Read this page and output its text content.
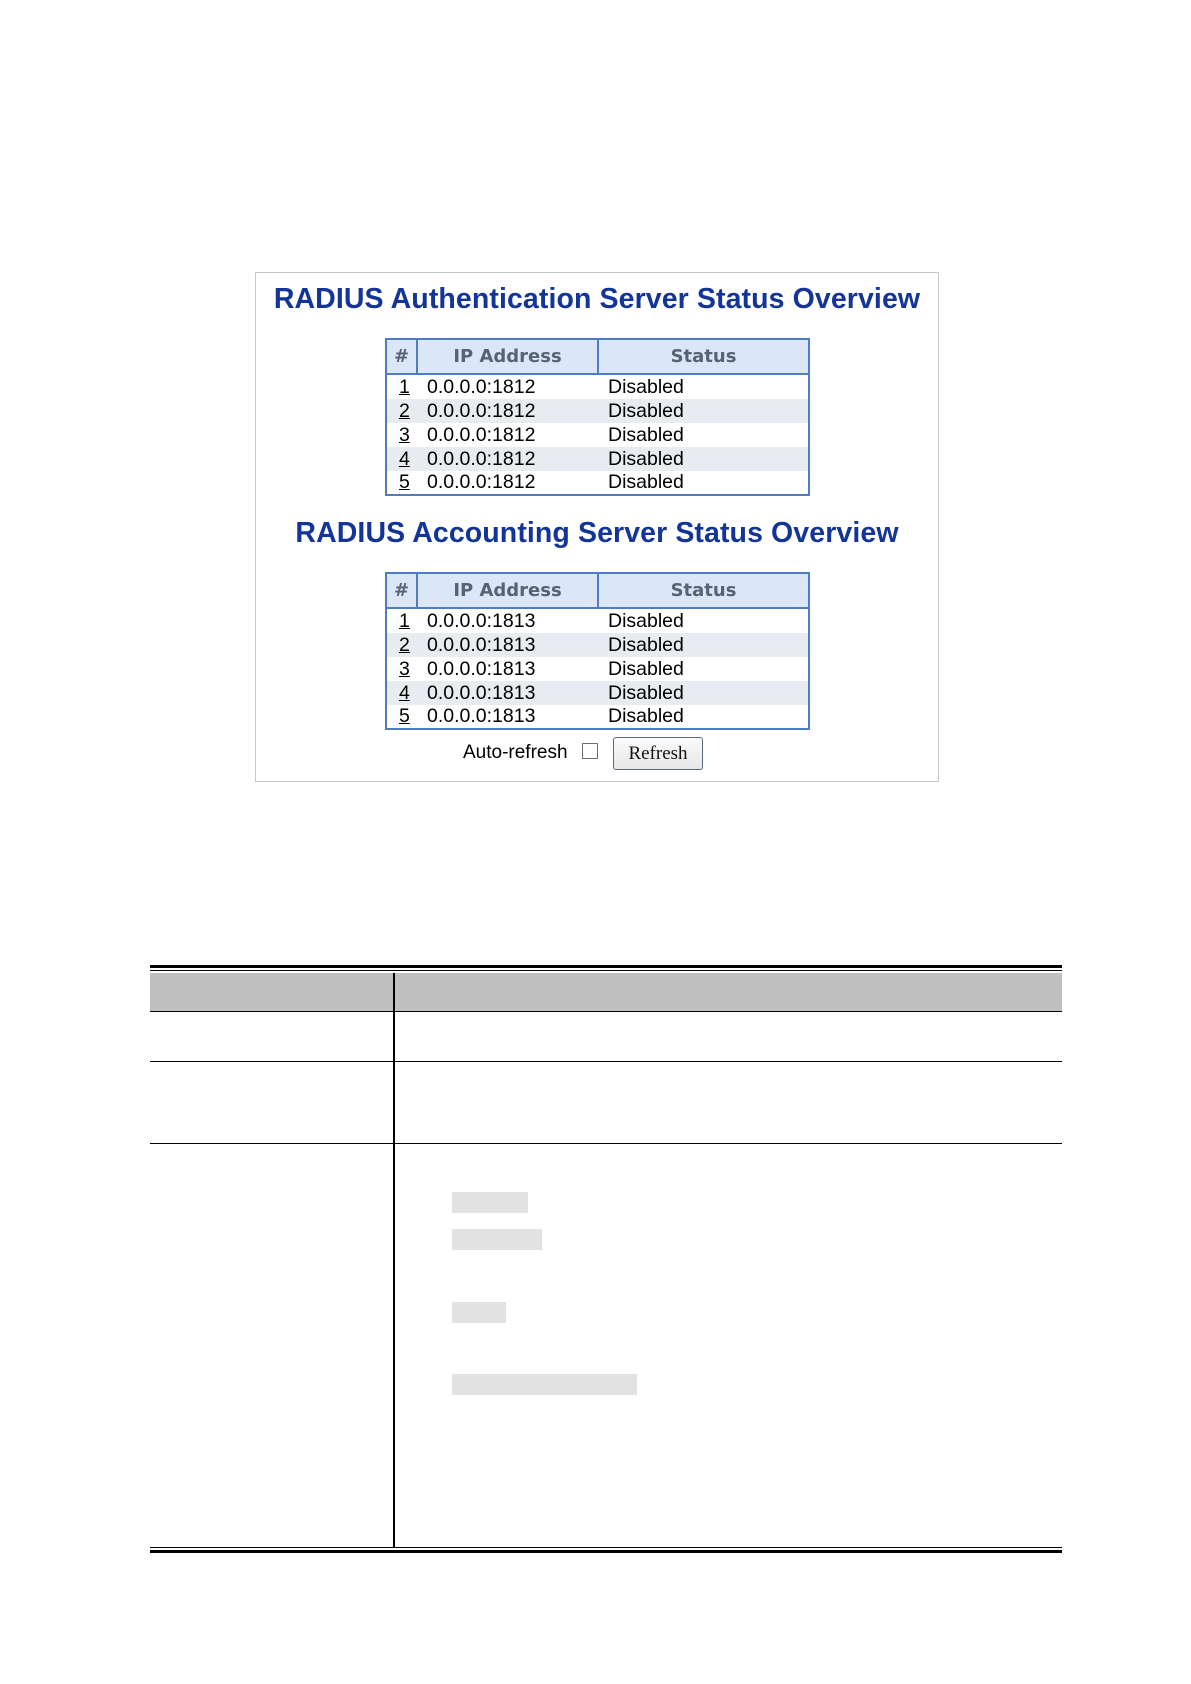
RADIUS Authentication Server Status Overview
#	IP Address	Status
1	0.0.0.0:1812	Disabled
2	0.0.0.0:1812	Disabled
3	0.0.0.0:1812	Disabled
4	0.0.0.0:1812	Disabled
5	0.0.0.0:1812	Disabled
RADIUS Accounting Server Status Overview
#	IP Address	Status
1	0.0.0.0:1813	Disabled
2	0.0.0.0:1813	Disabled
3	0.0.0.0:1813	Disabled
4	0.0.0.0:1813	Disabled
5	0.0.0.0:1813	Disabled
Auto-refresh	Refresh
